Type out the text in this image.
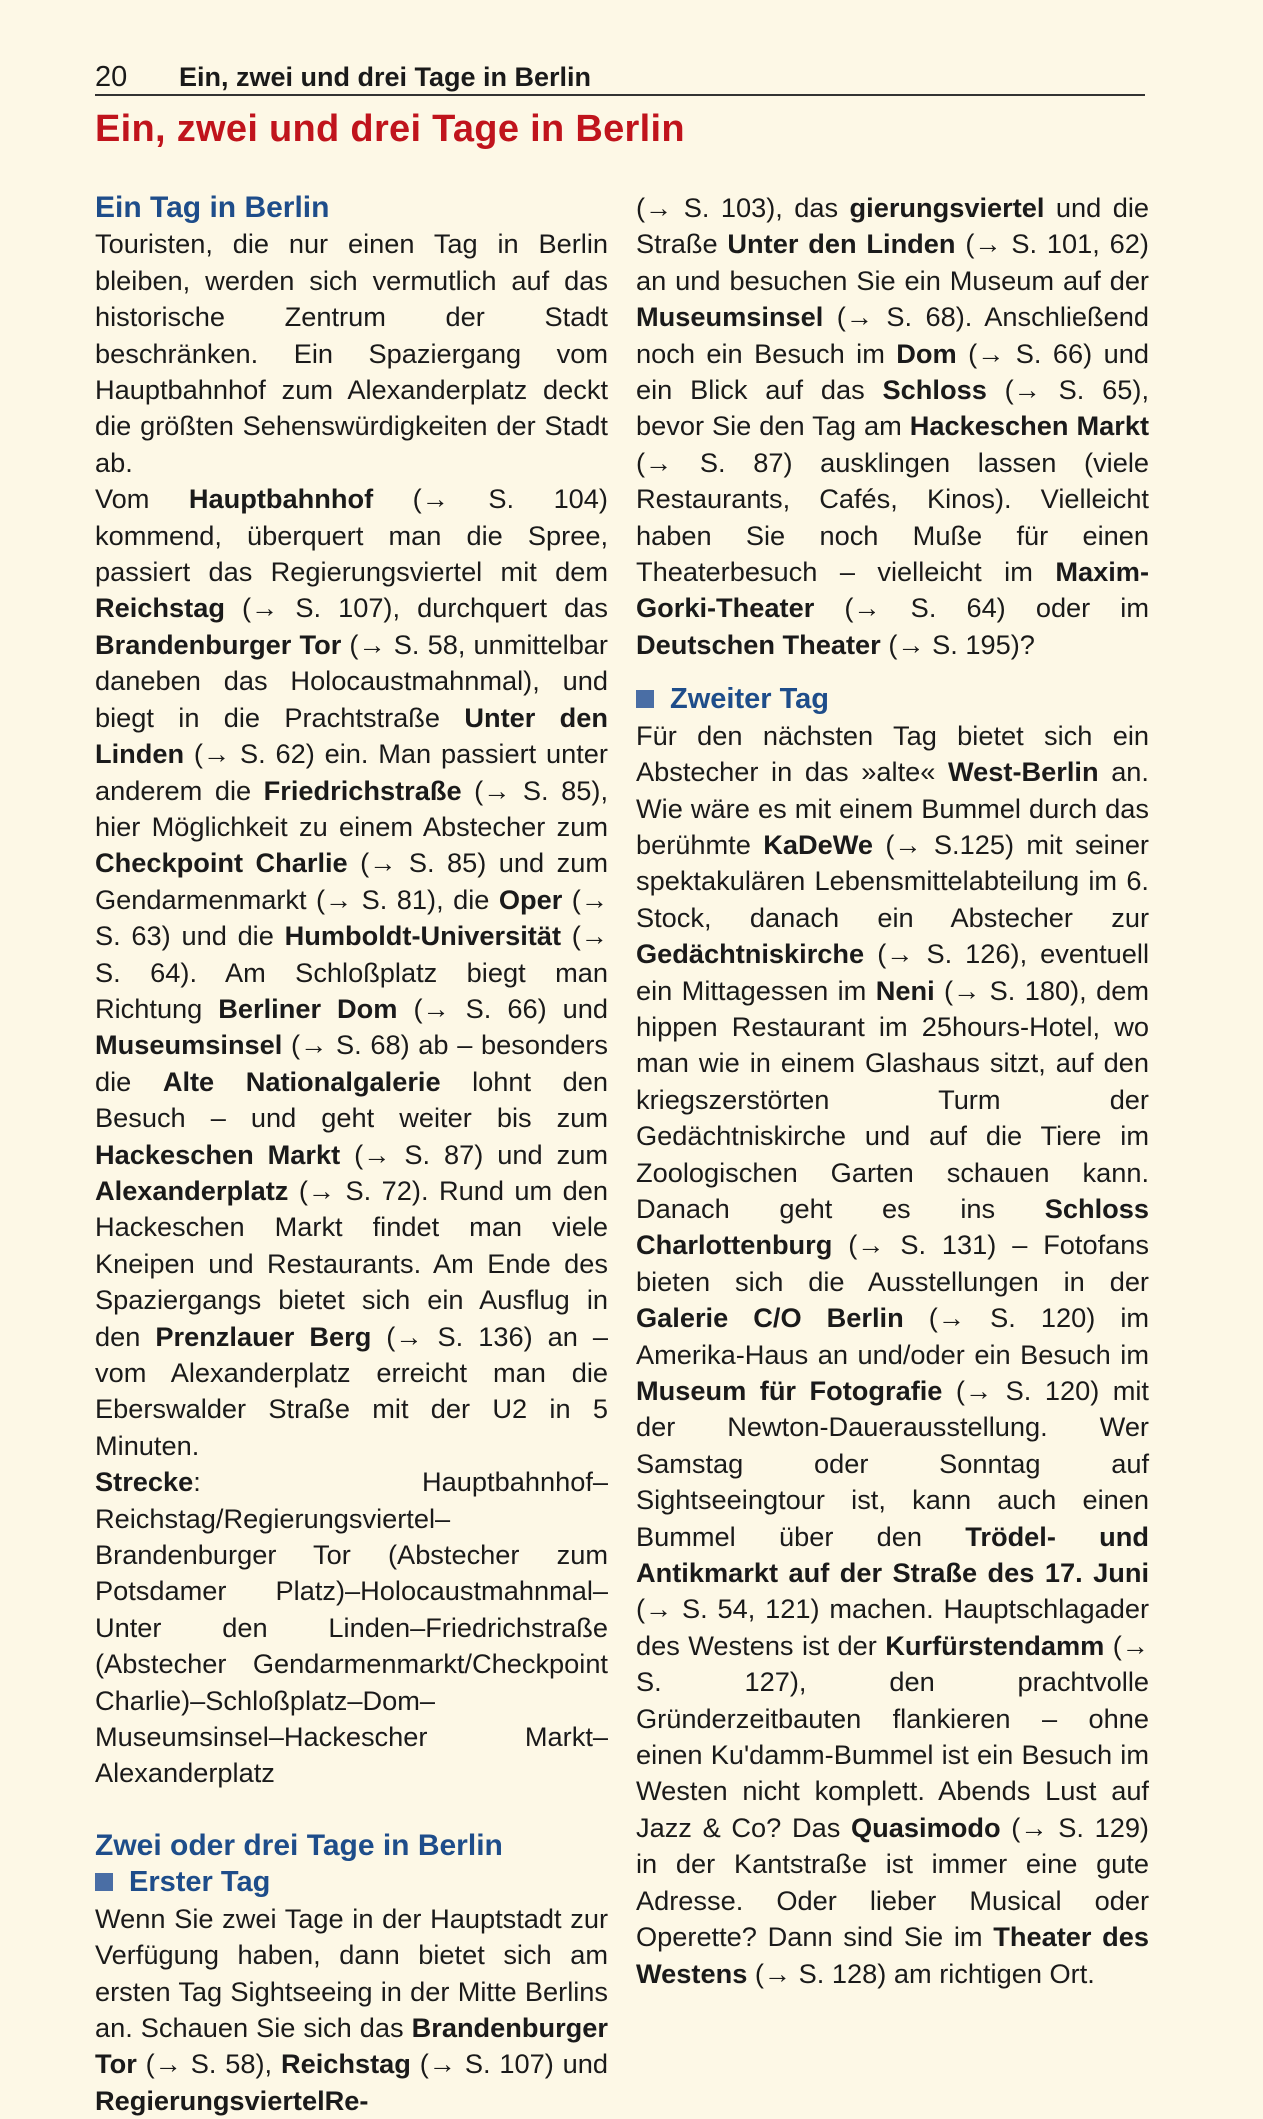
20 Ein, zwei und drei Tage in Berlin
Ein, zwei und drei Tage in Berlin
Ein Tag in Berlin

Touristen, die nur einen Tag in Berlin bleiben, werden sich vermutlich auf das historische Zentrum der Stadt beschränken. Ein Spaziergang vom Hauptbahnhof zum Alexanderplatz deckt die größten Sehenswürdigkeiten der Stadt ab.

Vom Hauptbahnhof (→ S. 104) kommend, überquert man die Spree, passiert das Regierungsviertel mit dem Reichstag (→ S. 107), durchquert das Brandenburger Tor (→ S. 58, unmittelbar daneben das Holocaustmahnmal), und biegt in die Prachtstraße Unter den Linden (→ S. 62) ein. Man passiert unter anderem die Friedrichstraße (→ S. 85), hier Möglichkeit zu einem Abstecher zum Checkpoint Charlie (→ S. 85) und zum Gendarmenmarkt (→ S. 81), die Oper (→ S. 63) und die Humboldt-Universität (→ S. 64). Am Schloßplatz biegt man Richtung Berliner Dom (→ S. 66) und Museumsinsel (→ S. 68) ab – besonders die Alte Nationalgalerie lohnt den Besuch – und geht weiter bis zum Hackeschen Markt (→ S. 87) und zum Alexanderplatz (→ S. 72). Rund um den Hackeschen Markt findet man viele Kneipen und Restaurants. Am Ende des Spaziergangs bietet sich ein Ausflug in den Prenzlauer Berg (→ S. 136) an – vom Alexanderplatz erreicht man die Eberswalder Straße mit der U2 in 5 Minuten.

Strecke: Hauptbahnhof–Reichstag/Regierungsviertel–Brandenburger Tor (Abstecher zum Potsdamer Platz)–Holocaustmahnmal–Unter den Linden–Friedrichstraße (Abstecher Gendarmenmarkt/Checkpoint Charlie)–Schloßplatz–Dom–Museumsinsel–Hackescher Markt–Alexanderplatz

Zwei oder drei Tage in Berlin
Erster Tag

Wenn Sie zwei Tage in der Hauptstadt zur Verfügung haben, dann bietet sich am ersten Tag Sightseeing in der Mitte Berlins an. Schauen Sie sich das Brandenburger Tor (→ S. 58), Reichstag (→ S. 107) und RegierungsviertelRe-

(→ S. 103), das gierungsviertel und die Straße Unter den Linden (→ S. 101, 62) an und besuchen Sie ein Museum auf der Museumsinsel (→ S. 68). Anschließend noch ein Besuch im Dom (→ S. 66) und ein Blick auf das Schloss (→ S. 65), bevor Sie den Tag am Hackeschen Markt (→ S. 87) ausklingen lassen (viele Restaurants, Cafés, Kinos). Vielleicht haben Sie noch Muße für einen Theaterbesuch – vielleicht im Maxim-Gorki-Theater (→ S. 64) oder im Deutschen Theater (→ S. 195)?

Zweiter Tag

Für den nächsten Tag bietet sich ein Abstecher in das »alte« West-Berlin an. Wie wäre es mit einem Bummel durch das berühmte KaDeWe (→ S.125) mit seiner spektakulären Lebensmittelabteilung im 6. Stock, danach ein Abstecher zur Gedächtniskirche (→ S. 126), eventuell ein Mittagessen im Neni (→ S. 180), dem hippen Restaurant im 25hours-Hotel, wo man wie in einem Glashaus sitzt, auf den kriegszerstörten Turm der Gedächtniskirche und auf die Tiere im Zoologischen Garten schauen kann. Danach geht es ins Schloss Charlottenburg (→ S. 131) – Fotofans bieten sich die Ausstellungen in der Galerie C/O Berlin (→ S. 120) im Amerika-Haus an und/oder ein Besuch im Museum für Fotografie (→ S. 120) mit der Newton-Dauerausstellung. Wer Samstag oder Sonntag auf Sightseeingtour ist, kann auch einen Bummel über den Trödel- und Antikmarkt auf der Straße des 17. Juni (→ S. 54, 121) machen. Hauptschlagader des Westens ist der Kurfürstendamm (→ S. 127), den prachtvolle Gründerzeitbauten flankieren – ohne einen Ku'damm-Bummel ist ein Besuch im Westen nicht komplett. Abends Lust auf Jazz & Co? Das Quasimodo (→ S. 129) in der Kantstraße ist immer eine gute Adresse. Oder lieber Musical oder Operette? Dann sind Sie im Theater des Westens (→ S. 128) am richtigen Ort.
